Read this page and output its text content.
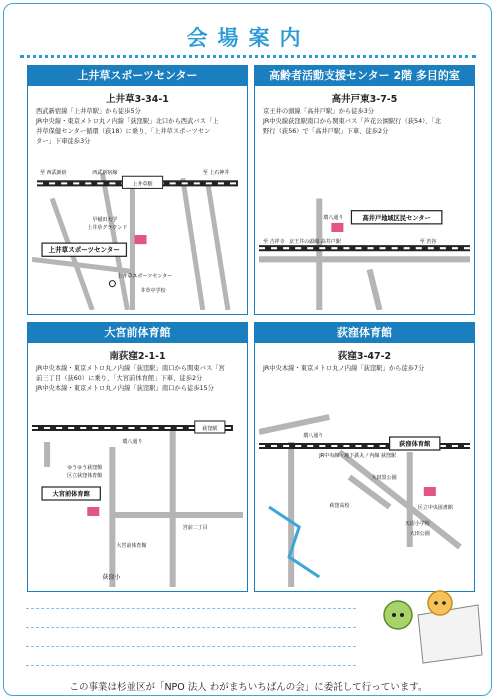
会場案内
上井草スポーツセンター
上井草3-34-1
西武新宿線「上井草駅」から徒歩5分
JR中央線・東京メトロ丸ノ内線「荻窪駅」北口から西武バス「上
井草保健センター循環（荻18）に乗り、「上井草スポーツセン
ター」下車徒歩3分
上井草駅
西武新宿線	至 上石神井
至 西武新宿
早稲田大学
上井草グラウンド
上井草スポーツセンター
上井草スポーツセンター
井草中学校
高齢者活動支援センター 2階 多目的室
高井戸東3-7-5
京王井の頭線「高井戸駅」から徒歩3分
JR中央線荻窪駅南口から関東バス「芦花公園駅行（荻54）、「北
野行（荻56）で「高井戸駅」下車、徒歩2分
京王井の頭線 高井戸駅
至 吉祥寺	至 渋谷
環八通り	高井戸地域区民センター
大宮前体育館
南荻窪2-1-1
JR中央本線・東京メトロ丸ノ内線「荻窪駅」南口から関東バス「宮
前三丁目（荻60）に乗り、「大宮前体育館」下車、徒歩2分
JR中央本線・東京メトロ丸ノ内線「荻窪駅」南口から徒歩15分
荻窪駅
環八通り
ゆうゆう荻窪館
区立荻窪体育館
大宮前体育館
宮前二丁目
大宮前体育館
荻窪小
荻窪体育館
荻窪3-47-2
JR中央本線・東京メトロ丸ノ内線「荻窪駅」から徒歩7分
JR中央線・地下鉄丸ノ内線 荻窪駅
環八通り
荻窪体育館
大田黒公園
区立中央図書館
荻窪高校
天沼小学校
大田公園
この事業は杉並区が「NPO 法人 わがまちいちばんの会」に委託して行っています。
